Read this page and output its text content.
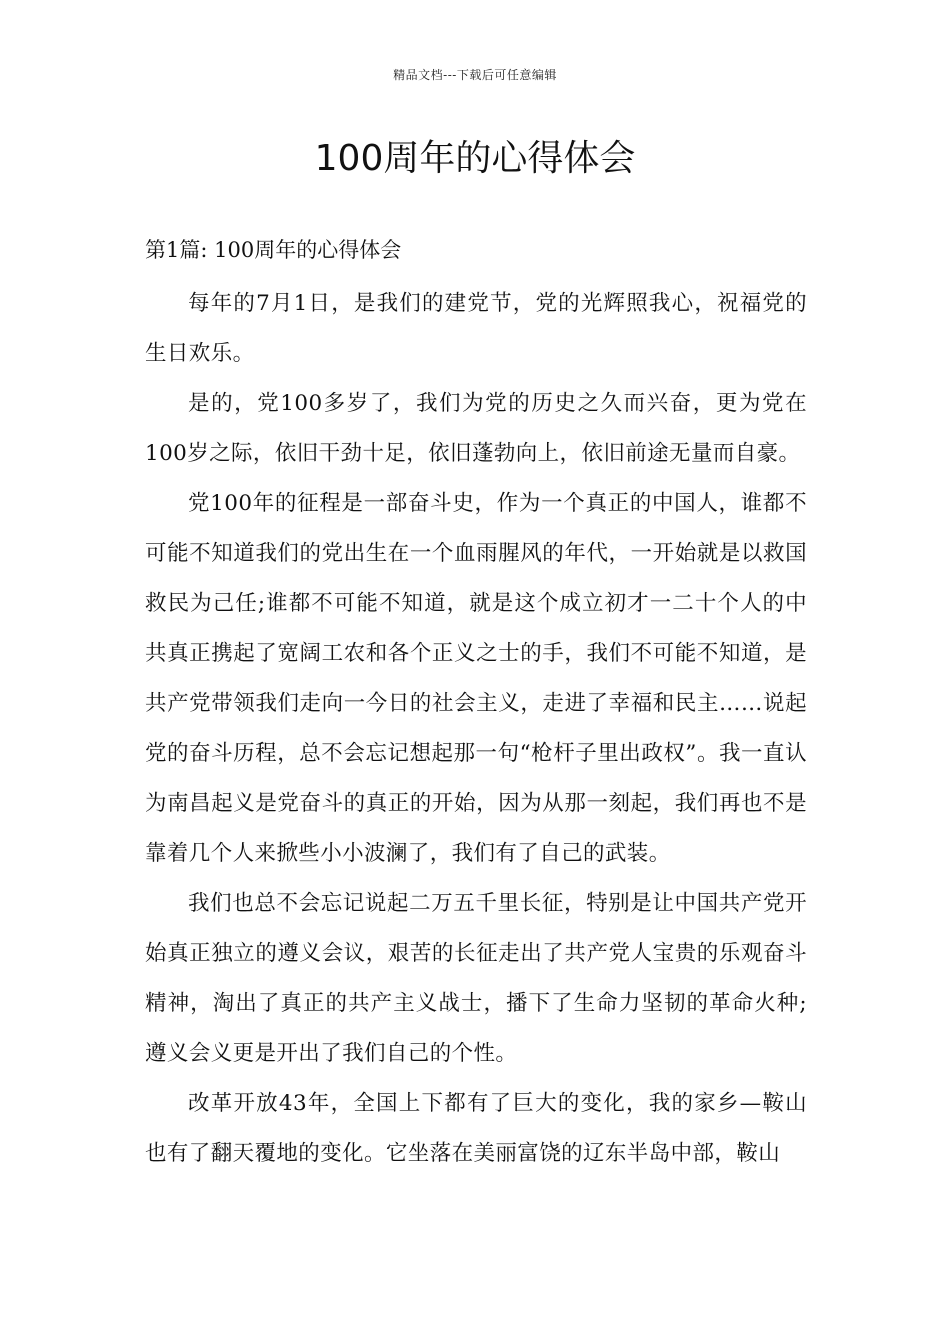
精品文档---下载后可任意编辑
100周年的心得体会
第1篇: 100周年的心得体会

每年的7月1日，是我们的建党节，党的光辉照我心，祝福党的生日欢乐。

是的，党100多岁了，我们为党的历史之久而兴奋，更为党在100岁之际，依旧干劲十足，依旧蓬勃向上，依旧前途无量而自豪。

党100年的征程是一部奋斗史，作为一个真正的中国人，谁都不可能不知道我们的党出生在一个血雨腥风的年代，一开始就是以救国救民为己任;谁都不可能不知道，就是这个成立初才一二十个人的中共真正携起了宽阔工农和各个正义之士的手，我们不可能不知道，是共产党带领我们走向一今日的社会主义，走进了幸福和民主……说起党的奋斗历程，总不会忘记想起那一句“枪杆子里出政权”。我一直认为南昌起义是党奋斗的真正的开始，因为从那一刻起，我们再也不是靠着几个人来掀些小小波澜了，我们有了自己的武装。

我们也总不会忘记说起二万五千里长征，特别是让中国共产党开始真正独立的遵义会议，艰苦的长征走出了共产党人宝贵的乐观奋斗精神，淘出了真正的共产主义战士，播下了生命力坚韧的革命火种;遵义会义更是开出了我们自己的个性。

改革开放43年，全国上下都有了巨大的变化，我的家乡—鞍山也有了翻天覆地的变化。它坐落在美丽富饶的辽东半岛中部，鞍山
